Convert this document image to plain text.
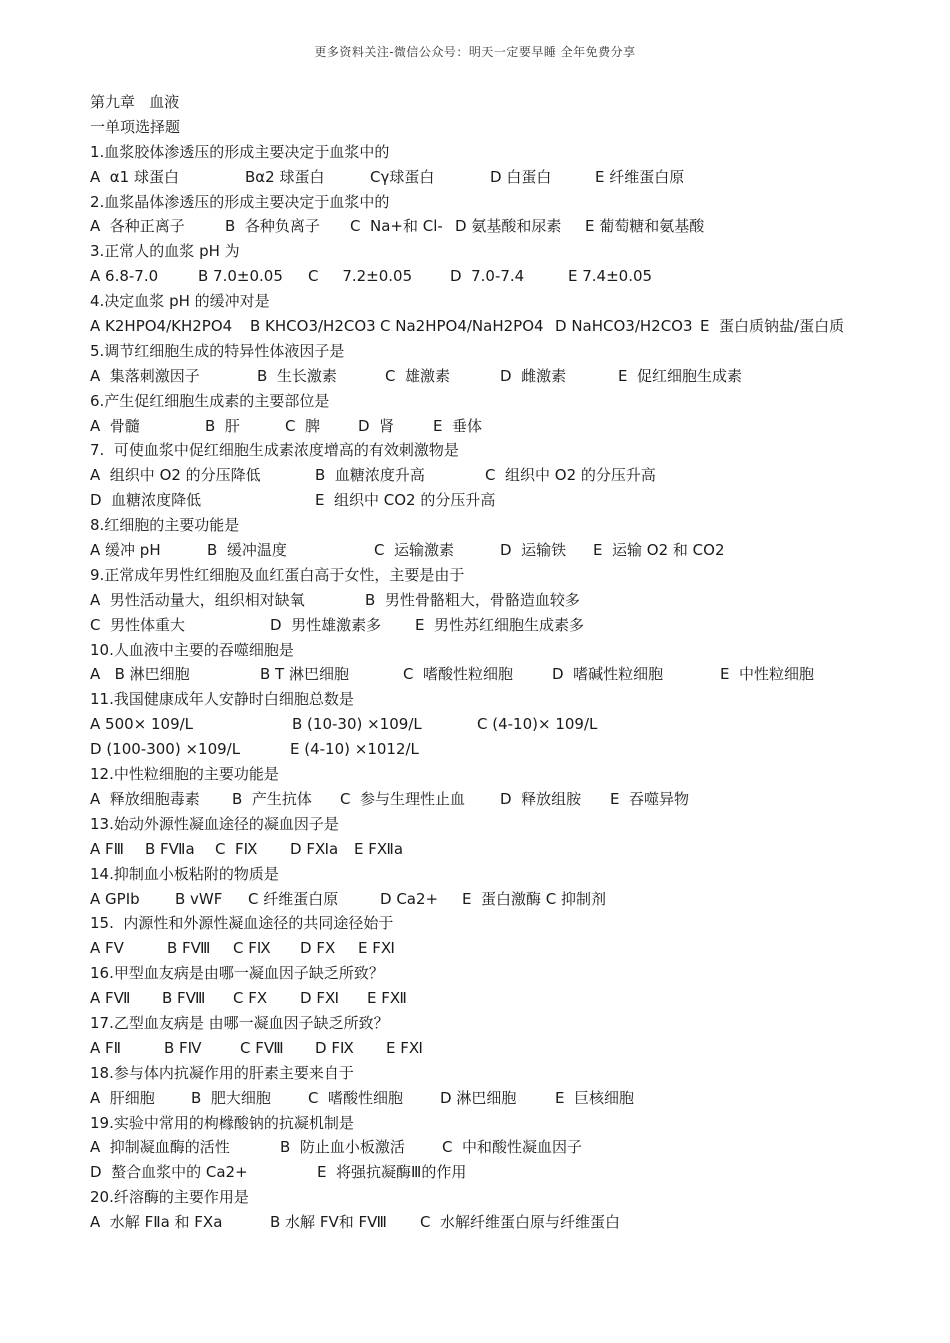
更多资料关注-微信公众号：明天一定要早睡 全年免费分享
第九章   血液
一单项选择题
1.血浆胶体渗透压的形成主要决定于血浆中的
A  α1 球蛋白	Bα2 球蛋白	Cγ球蛋白	D 白蛋白	E 纤维蛋白原
2.血浆晶体渗透压的形成主要决定于血浆中的
A  各种正离子	B  各种负离子 C  Na+和 Cl- D 氨基酸和尿素 E 葡萄糖和氨基酸
3.正常人的血浆 pH 为
A 6.8-7.0	B 7.0±0.05 C     7.2±0.05	D  7.0-7.4	E 7.4±0.05
4.决定血浆 pH 的缓冲对是
A K2HPO4/KH2PO4 B KHCO3/H2CO3 C Na2HPO4/NaH2PO4 D NaHCO3/H2CO3 E  蛋白质钠盐/蛋白质
5.调节红细胞生成的特异性体液因子是
A  集落刺激因子	B  生长激素	C  雄激素	D  雌激素	E  促红细胞生成素
6.产生促红细胞生成素的主要部位是
A  骨髓	B  肝	C  脾	D  肾	E  垂体
7.  可使血浆中促红细胞生成素浓度增高的有效刺激物是
A  组织中 O2 的分压降低	B  血糖浓度升高	C  组织中 O2 的分压升高
D  血糖浓度降低	E  组织中 CO2 的分压升高
8.红细胞的主要功能是
A 缓冲 pH	B  缓冲温度	C  运输激素	D  运输铁 E  运输 O2 和 CO2
9.正常成年男性红细胞及血红蛋白高于女性，主要是由于
A  男性活动量大，组织相对缺氧	B  男性骨骼粗大，骨骼造血较多
C  男性体重大	D  男性雄激素多 E  男性苏红细胞生成素多
10.人血液中主要的吞噬细胞是
A   B 淋巴细胞	B T 淋巴细胞	C  嗜酸性粒细胞	D  嗜碱性粒细胞	E  中性粒细胞
11.我国健康成年人安静时白细胞总数是
A 500× 109/L	B (10-30) ×109/L	C (4-10)× 109/L
D (100-300) ×109/L	E (4-10) ×1012/L
12.中性粒细胞的主要功能是
A  释放细胞毒素 B  产生抗体 C  参与生理性止血 D  释放组胺 E  吞噬异物
13.始动外源性凝血途径的凝血因子是
A FⅢ B FⅦa C  FⅨ D FⅪa E FⅫa
14.抑制血小板粘附的物质是
A GPIb B vWF C 纤维蛋白原	D Ca2+ E  蛋白激酶 C 抑制剂
15.  内源性和外源性凝血途径的共同途径始于
A FⅤ	B FⅧ C FⅨ D FⅩ E FⅪ
16.甲型血友病是由哪一凝血因子缺乏所致？
A FⅦ B FⅧ C FⅩ D FⅪ E FⅫ
17.乙型血友病是 由哪一凝血因子缺乏所致？
A FⅡ	B FⅣ	C FⅧ D FⅨ E FⅪ
18.参与体内抗凝作用的肝素主要来自于
A  肝细胞 B  肥大细胞 C  嗜酸性细胞 D 淋巴细胞	E  巨核细胞
19.实验中常用的枸橼酸钠的抗凝机制是
A  抑制凝血酶的活性	B  防止血小板激活 C  中和酸性凝血因子
D  螯合血浆中的 Ca2+	E  将强抗凝酶Ⅲ的作用
20.纤溶酶的主要作用是
A  水解 FⅡa 和 FⅩa	B 水解 FⅤ和 FⅧ C  水解纤维蛋白原与纤维蛋白
